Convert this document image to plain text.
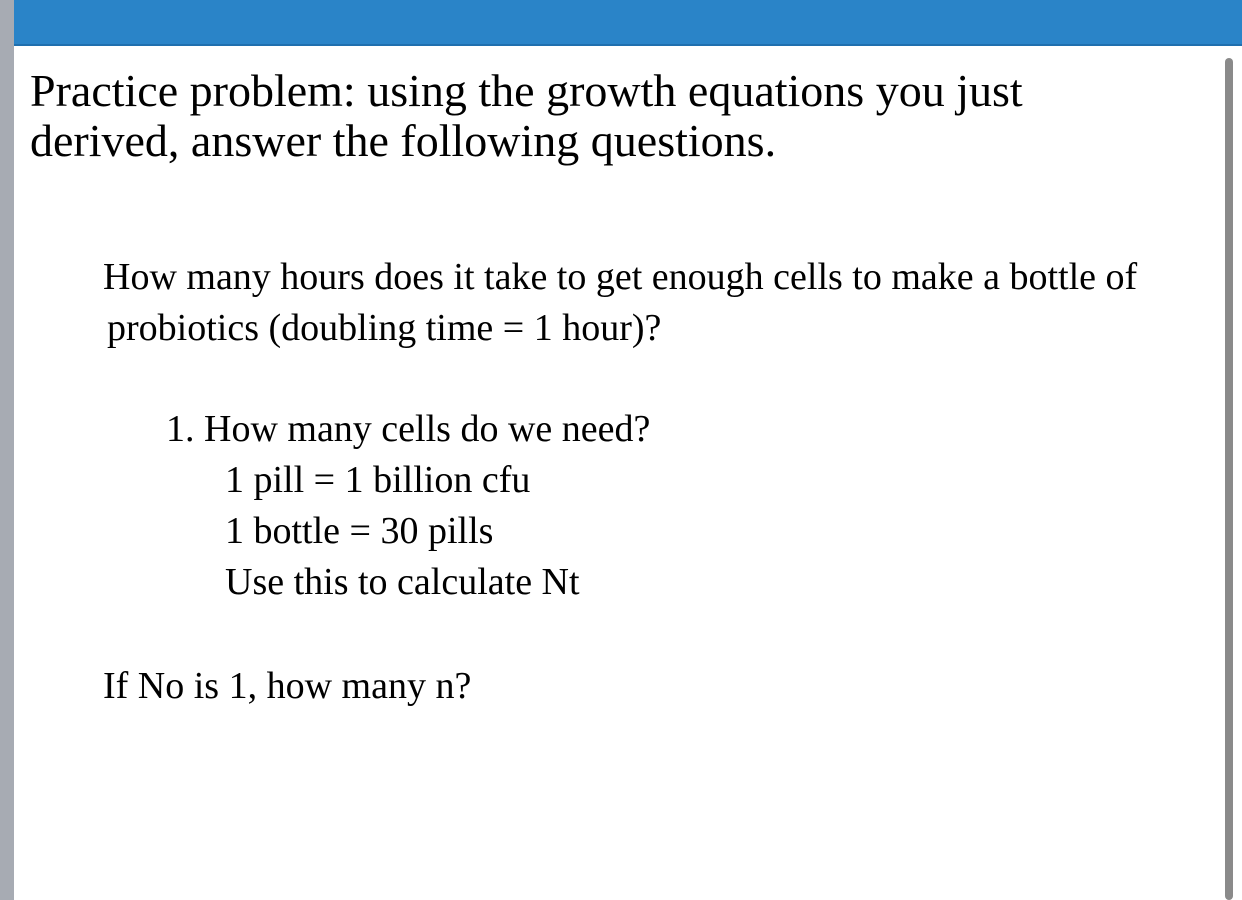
Practice problem: using the growth equations you just derived, answer the following questions.

How many hours does it take to get enough cells to make a bottle of
probiotics (doubling time = 1 hour)?

1. How many cells do we need?

1 pill = 1 billion cfu
1 bottle = 30 pills
Use this to calculate Nt

If No is 1, how many n?
